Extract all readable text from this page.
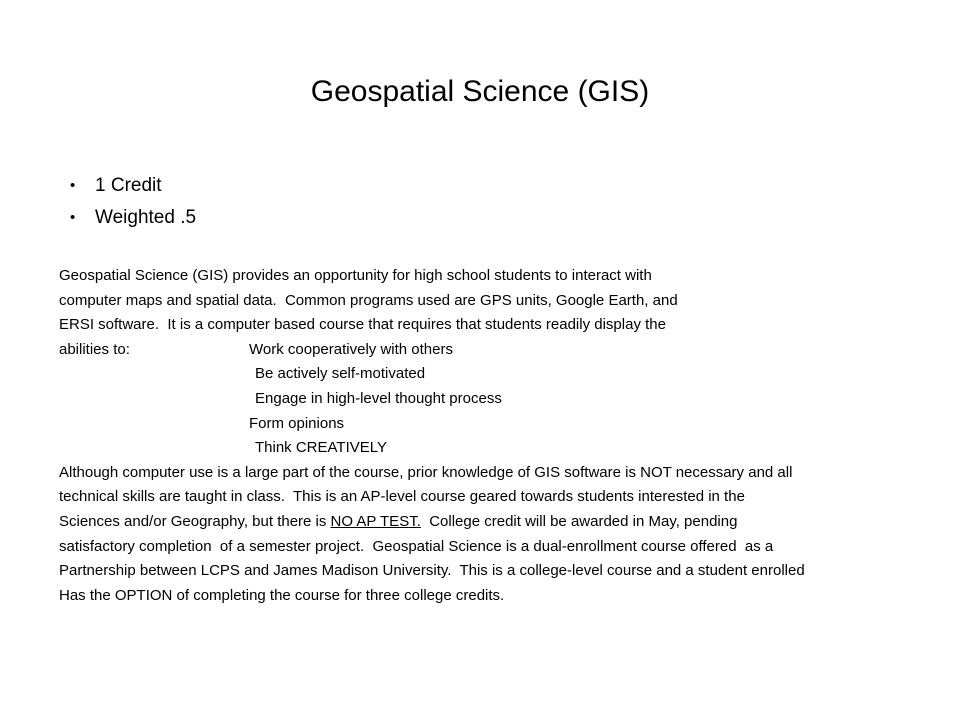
Geospatial Science (GIS)
• 1 Credit
• Weighted .5
Geospatial Science (GIS) provides an opportunity for high school students to interact with
computer maps and spatial data.  Common programs used are GPS units, Google Earth, and
ERSI software.  It is a computer based course that requires that students readily display the
abilities to:	Work cooperatively with others
Be actively self-motivated
Engage in high-level thought process
Form opinions
Think CREATIVELY
Although computer use is a large part of the course, prior knowledge of GIS software is NOT necessary and all
technical skills are taught in class.  This is an AP-level course geared towards students interested in the
Sciences and/or Geography, but there is NO AP TEST.  College credit will be awarded in May, pending
satisfactory completion  of a semester project.  Geospatial Science is a dual-enrollment course offered  as a
Partnership between LCPS and James Madison University.  This is a college-level course and a student enrolled
Has the OPTION of completing the course for three college credits.
